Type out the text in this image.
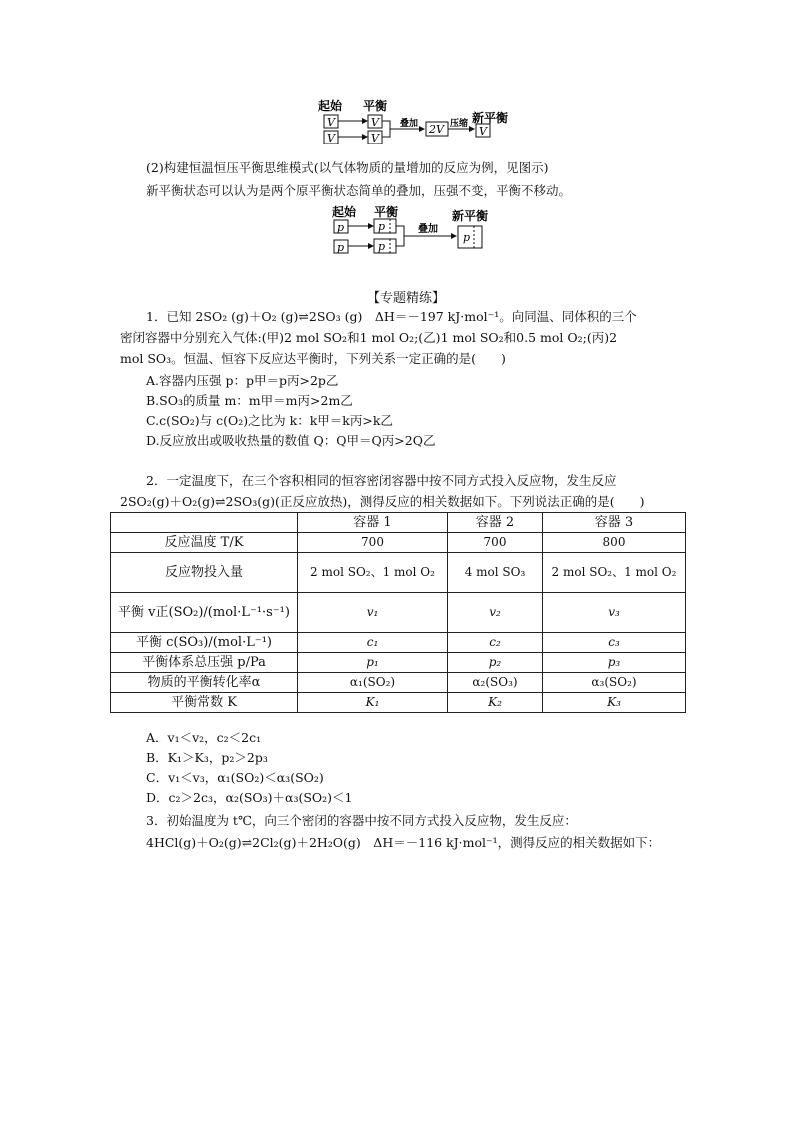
起始 平衡
新平衡
V
V
V
V
叠加 2V 压缩
V
(2)构建恒温恒压平衡思维模式(以气体物质的量增加的反应为例，见图示)
新平衡状态可以认为是两个原平衡状态简单的叠加，压强不变，平衡不移动。
起始 平衡	新平衡
p
p
p
p
叠加
p
【专题精练】
1．已知 2SO₂ (g)＋O₂ (g)⇌2SO₃ (g)　ΔH＝－197 kJ·mol⁻¹。向同温、同体积的三个
密闭容器中分别充入气体:(甲)2 mol SO₂和1 mol O₂;(乙)1 mol SO₂和0.5 mol O₂;(丙)2
mol SO₃。恒温、恒容下反应达平衡时，下列关系一定正确的是(　　)
A.容器内压强 p：p甲＝p丙>2p乙
B.SO₃的质量 m：m甲＝m丙>2m乙
C.c(SO₂)与 c(O₂)之比为 k：k甲＝k丙>k乙
D.反应放出或吸收热量的数值 Q：Q甲＝Q丙>2Q乙
2．一定温度下，在三个容积相同的恒容密闭容器中按不同方式投入反应物，发生反应
2SO₂(g)＋O₂(g)⇌2SO₃(g)(正反应放热)，测得反应的相关数据如下。下列说法正确的是(　　)
	容器 1	容器 2	容器 3
反应温度 T/K	700	700	800
反应物投入量	2 mol SO₂、1 mol O₂	4 mol SO₃	2 mol SO₂、1 mol O₂
平衡 v正(SO₂)/(mol·L⁻¹·s⁻¹)	v₁	v₂	v₃
平衡 c(SO₃)/(mol·L⁻¹)	c₁	c₂	c₃
平衡体系总压强 p/Pa	p₁	p₂	p₃
物质的平衡转化率α	α₁(SO₂)	α₂(SO₃)	α₃(SO₂)
平衡常数 K	K₁	K₂	K₃
A．v₁＜v₂，c₂＜2c₁
B．K₁＞K₃，p₂＞2p₃
C．v₁＜v₃，α₁(SO₂)＜α₃(SO₂)
D．c₂＞2c₃，α₂(SO₃)＋α₃(SO₂)＜1
3．初始温度为 t℃，向三个密闭的容器中按不同方式投入反应物，发生反应：
4HCl(g)＋O₂(g)⇌2Cl₂(g)＋2H₂O(g)　ΔH＝－116 kJ·mol⁻¹，测得反应的相关数据如下：
